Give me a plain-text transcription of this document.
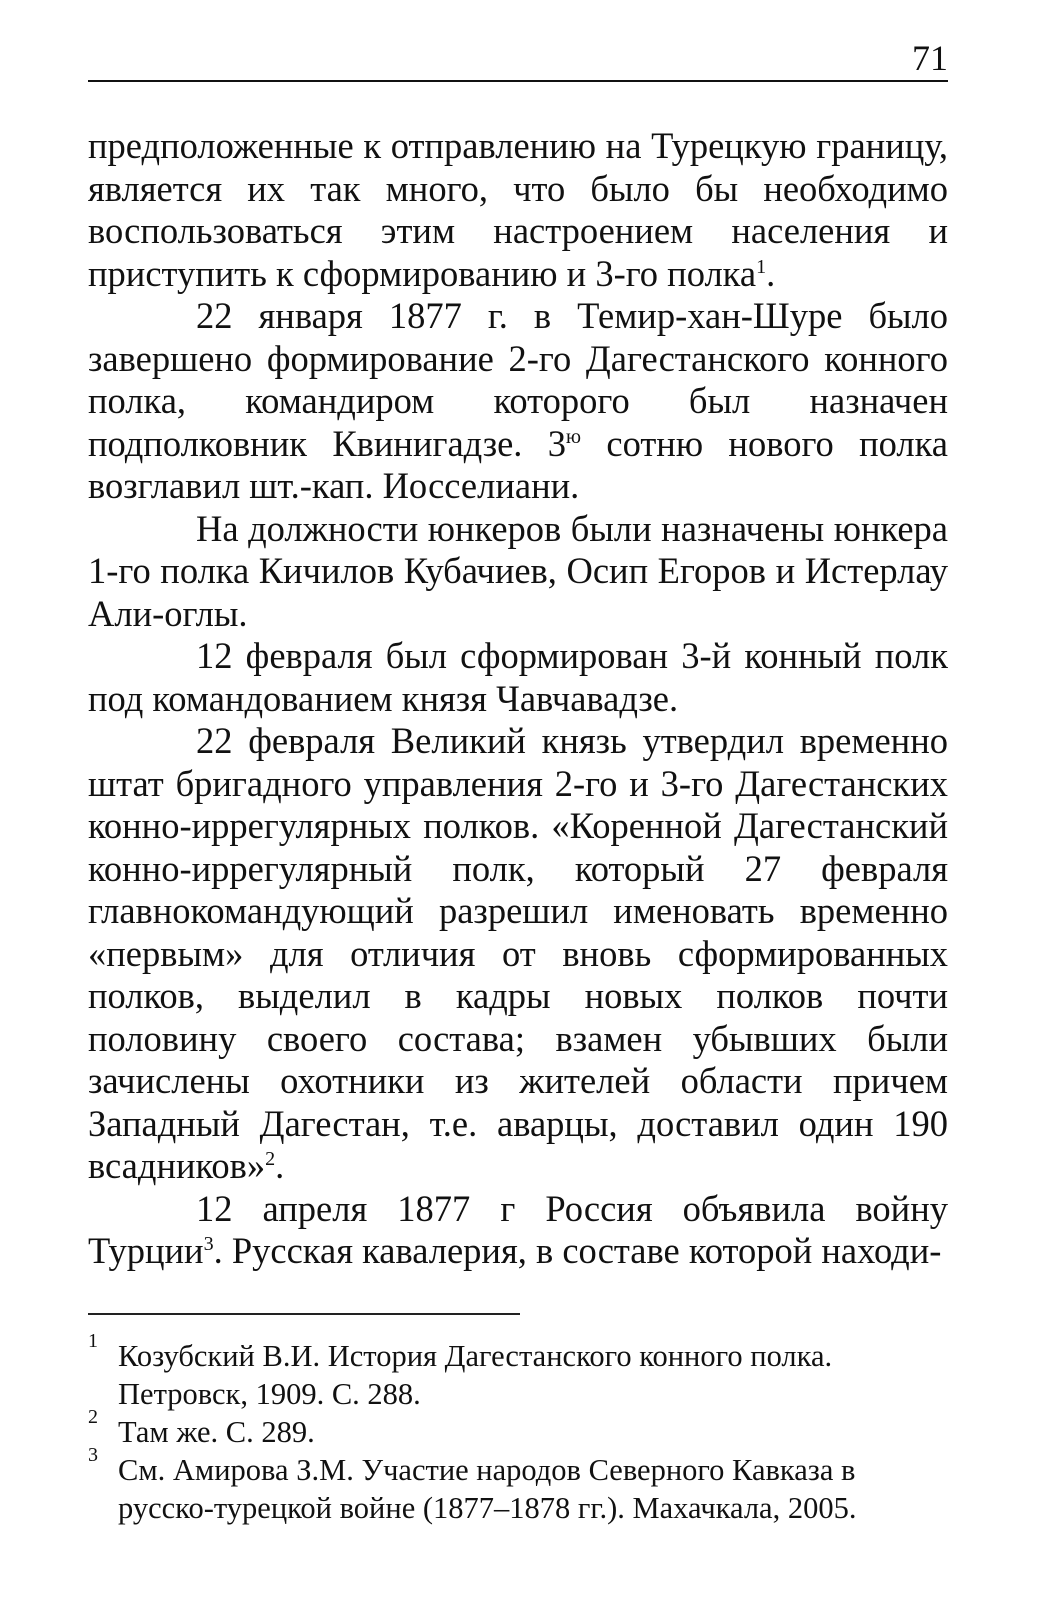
71

предположенные к отправлению на Турецкую границу, является их так много, что было бы необходимо воспользоваться этим настроением населения и приступить к сформированию и 3-го полка$^1$.

22 января 1877 г. в Темир-хан-Шуре было завершено формирование 2-го Дагестанского конного полка, командиром которого был назначен подполковник Квинигадзе. $3^ю$ сотню нового полка возглавил шт.-кап. Иосселиани.

На должности юнкеров были назначены юнкера 1-го полка Кичилов Кубачиев, Осип Егоров и Истерлау Али-оглы.

12 февраля был сформирован 3-й конный полк под командованием князя Чавчавадзе.

22 февраля Великий князь утвердил временно штат бригадного управления 2-го и 3-го Дагестанских конно-иррегулярных полков. «Коренной Дагестанский конно-иррегулярный полк, который 27 февраля главнокомандующий разрешил именовать временно «первым» для отличия от вновь сформированных полков, выделил в кадры новых полков почти половину своего состава; взамен убывших были зачислены охотники из жителей области причем Западный Дагестан, т.е. аварцы, доставил один 190 всадников»$^2$.

12 апреля 1877 г Россия объявила войну Турции$^3$. Русская кавалерия, в составе которой находи-

1 Козубский В.И. История Дагестанского конного полка. Петровск, 1909. С. 288.

2 Там же. С. 289.

3 См. Амирова З.М. Участие народов Северного Кавказа в русско-турецкой войне (1877–1878 гг.). Махачкала, 2005.
